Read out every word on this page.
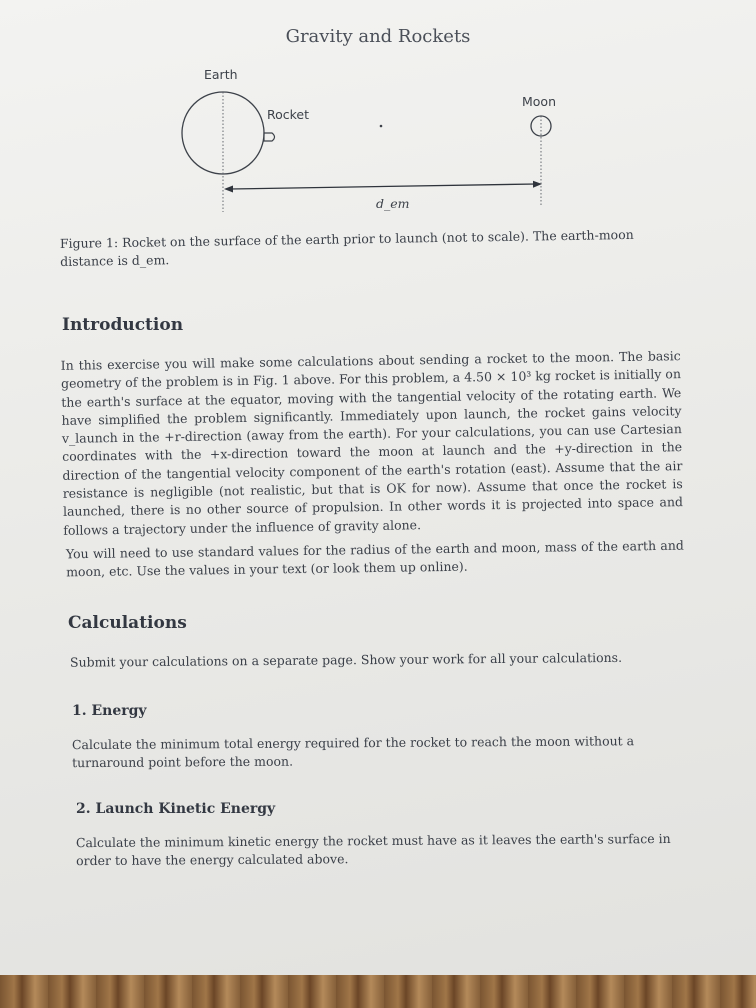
Gravity and Rockets
Earth
Rocket
Moon
d_em
Figure 1: Rocket on the surface of the earth prior to launch (not to scale). The earth-moon distance is d_em.
Introduction
In this exercise you will make some calculations about sending a rocket to the moon. The basic geometry of the problem is in Fig. 1 above. For this problem, a 4.50 × 10³ kg rocket is initially on the earth's surface at the equator, moving with the tangential velocity of the rotating earth. We have simplified the problem significantly. Immediately upon launch, the rocket gains velocity v_launch in the +r-direction (away from the earth). For your calculations, you can use Cartesian coordinates with the +x-direction toward the moon at launch and the +y-direction in the direction of the tangential velocity component of the earth's rotation (east). Assume that the air resistance is negligible (not realistic, but that is OK for now). Assume that once the rocket is launched, there is no other source of propulsion. In other words it is projected into space and follows a trajectory under the influence of gravity alone.
You will need to use standard values for the radius of the earth and moon, mass of the earth and moon, etc. Use the values in your text (or look them up online).
Calculations
Submit your calculations on a separate page. Show your work for all your calculations.
1. Energy
Calculate the minimum total energy required for the rocket to reach the moon without a turnaround point before the moon.
2. Launch Kinetic Energy
Calculate the minimum kinetic energy the rocket must have as it leaves the earth's surface in order to have the energy calculated above.
